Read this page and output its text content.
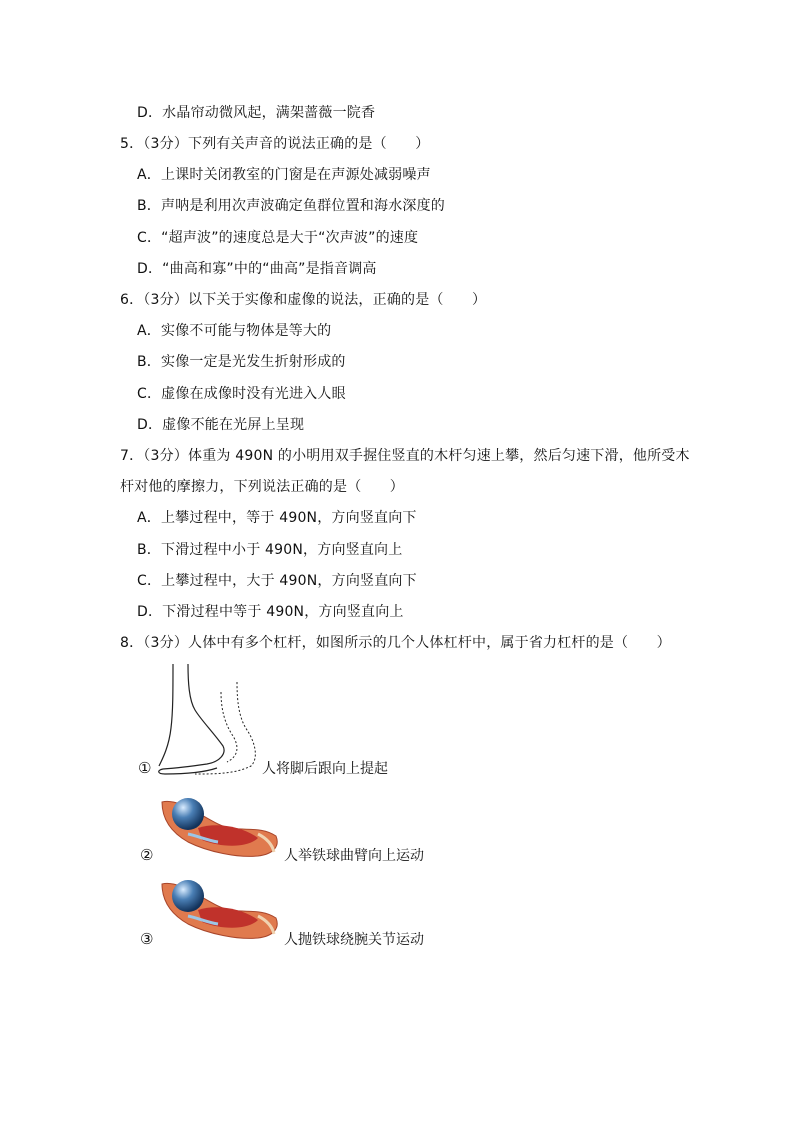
D．水晶帘动微风起，满架蔷薇一院香
5．（3分）下列有关声音的说法正确的是（　　）
A．上课时关闭教室的门窗是在声源处减弱噪声
B．声呐是利用次声波确定鱼群位置和海水深度的
C．“超声波”的速度总是大于“次声波”的速度
D．“曲高和寡”中的“曲高”是指音调高
6．（3分）以下关于实像和虚像的说法，正确的是（　　）
A．实像不可能与物体是等大的
B．实像一定是光发生折射形成的
C．虚像在成像时没有光进入人眼
D．虚像不能在光屏上呈现
7．（3分）体重为 490N 的小明用双手握住竖直的木杆匀速上攀，然后匀速下滑，他所受木
杆对他的摩擦力，下列说法正确的是（　　）
A．上攀过程中，等于 490N，方向竖直向下
B．下滑过程中小于 490N，方向竖直向上
C．上攀过程中，大于 490N，方向竖直向下
D．下滑过程中等于 490N，方向竖直向上
8．（3分）人体中有多个杠杆，如图所示的几个人体杠杆中，属于省力杠杆的是（　　）
①	人将脚后跟向上提起
②	人举铁球曲臂向上运动
③	人抛铁球绕腕关节运动
